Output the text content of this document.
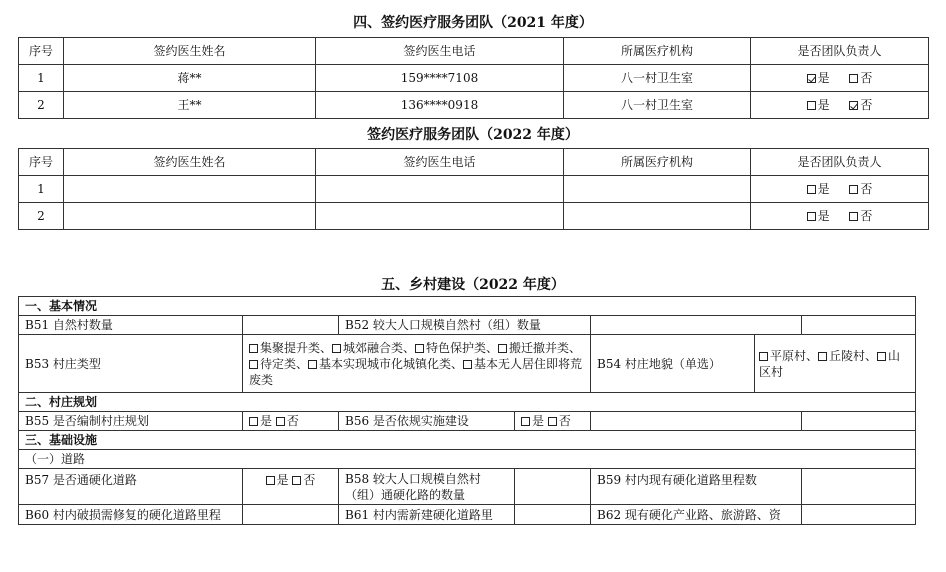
四、签约医疗服务团队（2021 年度）
序号	签约医生姓名	签约医生电话	所属医疗机构	是否团队负责人
1	蒋**	159****7108	八一村卫生室	是 否
2	王**	136****0918	八一村卫生室	是 否
签约医疗服务团队（2022 年度）
序号	签约医生姓名	签约医生电话	所属医疗机构	是否团队负责人
1				是 否
2				是 否
五、乡村建设（2022 年度）
一、基本情况						
B51 自然村数量		B52 较大人口规模自然村（组）数量				
B53 村庄类型	集聚提升类、 城郊融合类、 特色保护类、 搬迁撤并类、待定类、 基本实现城市化城镇化类、 基本无人居住即将荒废类			B54 村庄地貌（单选）	平原村、 丘陵村、 山区村	
二、村庄规划						
B55 是否编制村庄规划	是 否	B56 是否依规实施建设	是 否			
三、基础设施						
（一）道路						
B57 是否通硬化道路	是 否	B58 较大人口规模自然村（组）通硬化路的数量		B59 村内现有硬化道路里程数		
B60 村内破损需修复的硬化道路里程		B61 村内需新建硬化道路里		B62 现有硬化产业路、旅游路、资		
